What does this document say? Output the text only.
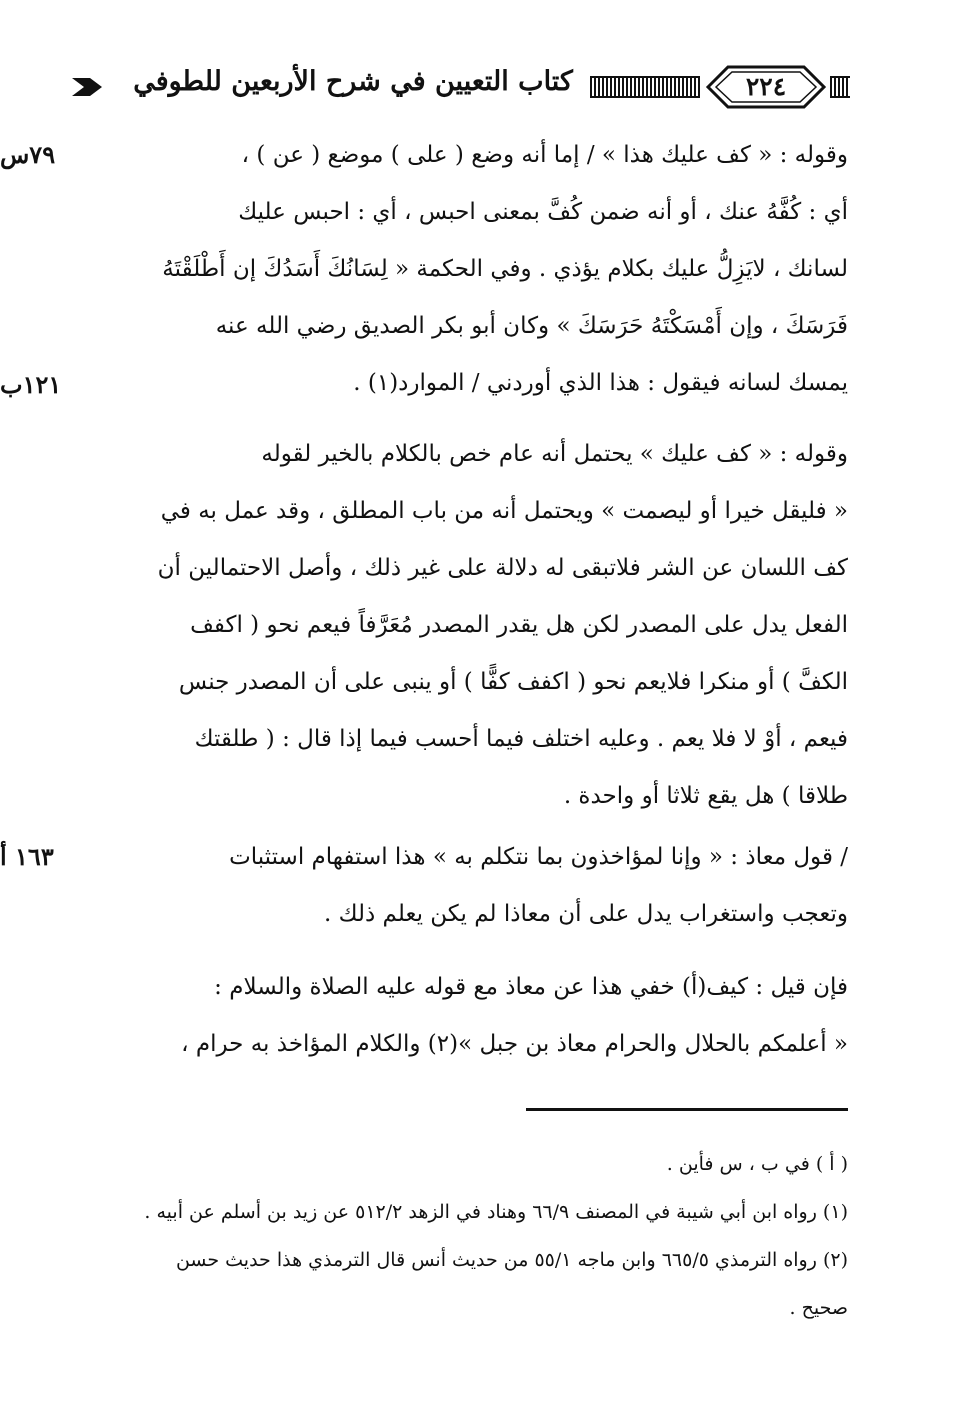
كتاب التعيين في شرح الأربعين للطوفي	٢٢٤
٧٩س
١٢١ب
١٦٣ أ
وقوله : « كف عليك هذا » / إما أنه وضع ( على ) موضع ( عن ) ،
أي : كُفَّهُ عنك ، أو أنه ضمن كُفَّ بمعنى احبس ، أي : احبس عليك
لسانك ، لايَزِلُّ عليك بكلام يؤذي . وفي الحكمة « لِسَانُكَ أَسَدُكَ إن أَطْلَقْتَهُ
فَرَسَكَ ، وإن أَمْسَكْتَهُ حَرَسَكَ » وكان أبو بكر الصديق رضي الله عنه
يمسك لسانه فيقول : هذا الذي أوردني / الموارد(١) .
وقوله : « كف عليك » يحتمل أنه عام خص بالكلام بالخير لقوله
« فليقل خيرا أو ليصمت » ويحتمل أنه من باب المطلق ، وقد عمل به في
كف اللسان عن الشر فلاتبقى له دلالة على غير ذلك ، وأصل الاحتمالين أن
الفعل يدل على المصدر لكن هل يقدر المصدر مُعَرَّفاً فيعم نحو ( اكفف
الكفَّ ) أو منكرا فلايعم نحو ( اكفف كفًّا ) أو ينبى على أن المصدر جنس
فيعم ، أوْ لا فلا يعم . وعليه اختلف فيما أحسب فيما إذا قال : ( طلقتك
طلاقا ) هل يقع ثلاثا أو واحدة .
/ قول معاذ : « وإنا لمؤاخذون بما نتكلم به » هذا استفهام استثبات
وتعجب واستغراب يدل على أن معاذا لم يكن يعلم ذلك .
فإن قيل : كيف(أ) خفي هذا عن معاذ مع قوله عليه الصلاة والسلام :
« أعلمكم بالحلال والحرام معاذ بن جبل »(٢) والكلام المؤاخذ به حرام ،
( أ ) في ب ، س فأين .
(١) رواه ابن أبي شيبة في المصنف ٦٦/٩ وهناد في الزهد ٥١٢/٢ عن زيد بن أسلم عن أبيه .
(٢) رواه الترمذي ٦٦٥/٥ وابن ماجه ٥٥/١ من حديث أنس قال الترمذي هذا حديث حسن
صحيح .
